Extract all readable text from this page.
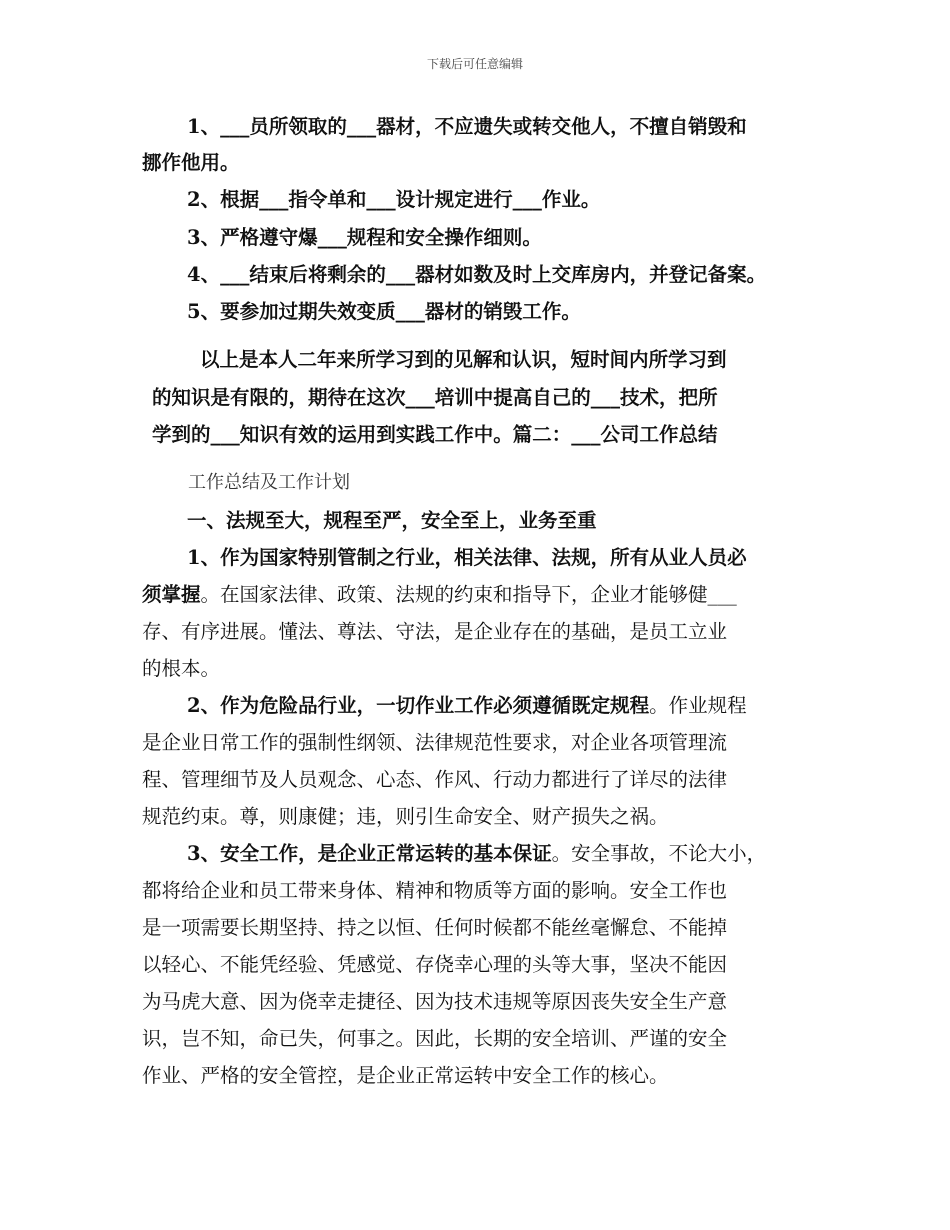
下载后可任意编辑
1、___员所领取的___器材，不应遗失或转交他人，不擅自销毁和
挪作他用。
2、根据___指令单和___设计规定进行___作业。
3、严格遵守爆___规程和安全操作细则。
4、___结束后将剩余的___器材如数及时上交库房内，并登记备案。
5、要参加过期失效变质___器材的销毁工作。
以上是本人二年来所学习到的见解和认识，短时间内所学习到
的知识是有限的，期待在这次___培训中提高自己的___技术，把所
学到的___知识有效的运用到实践工作中。篇二：___公司工作总结
工作总结及工作计划
一、法规至大，规程至严，安全至上，业务至重
1、作为国家特别管制之行业，相关法律、法规，所有从业人员必
须掌握。在国家法律、政策、法规的约束和指导下，企业才能够健___
存、有序进展。懂法、尊法、守法，是企业存在的基础，是员工立业
的根本。
2、作为危险品行业，一切作业工作必须遵循既定规程。作业规程
是企业日常工作的强制性纲领、法律规范性要求，对企业各项管理流
程、管理细节及人员观念、心态、作风、行动力都进行了详尽的法律
规范约束。尊，则康健；违，则引生命安全、财产损失之祸。
3、安全工作，是企业正常运转的基本保证。安全事故，不论大小，
都将给企业和员工带来身体、精神和物质等方面的影响。安全工作也
是一项需要长期坚持、持之以恒、任何时候都不能丝毫懈怠、不能掉
以轻心、不能凭经验、凭感觉、存侥幸心理的头等大事，坚决不能因
为马虎大意、因为侥幸走捷径、因为技术违规等原因丧失安全生产意
识，岂不知，命已失，何事之。因此，长期的安全培训、严谨的安全
作业、严格的安全管控，是企业正常运转中安全工作的核心。
